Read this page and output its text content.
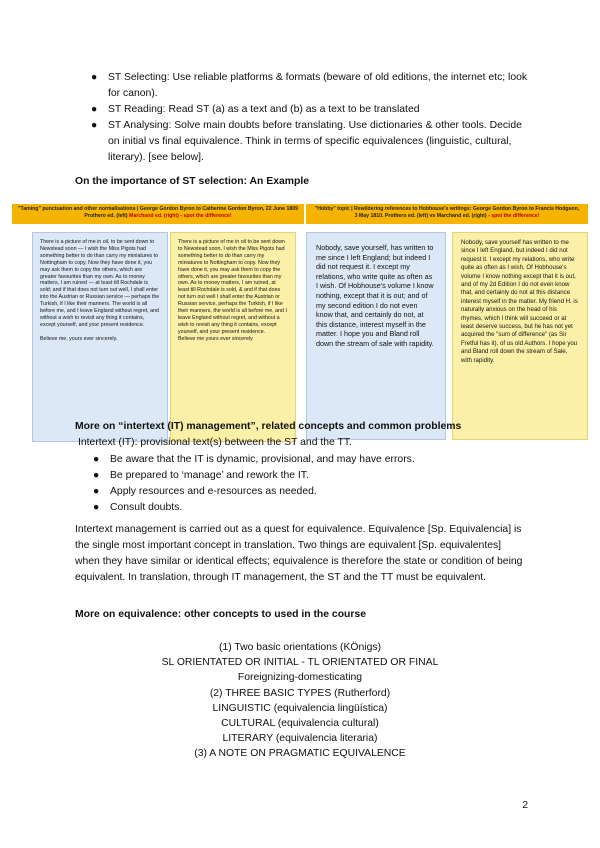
● ST Selecting: Use reliable platforms & formats (beware of old editions, the internet etc; look for canon).
● ST Reading: Read ST (a) as a text and (b) as a text to be translated
● ST Analysing: Solve main doubts before translating. Use dictionaries & other tools. Decide on initial vs final equivalence. Think in terms of specific equivalences (linguistic, cultural, literary). [see below].
On the importance of ST selection: An Example
"Taming" punctuation and other normalisations | George Gordon Byron to Catherine Gordon Byron, 22 June 1809
Prothero ed. (left) Marchand ed. (right) - spot the difference!
There is a picture of me in oil, to be sent down to Newstead soon — I wish the Miss Pigots had something better to do than carry my miniatures to Nottingham to copy. Now they have done it, you may ask them to copy the others, which are greater favourites than my own. As to money matters, I am ruined — at least till Rochdale is sold; and if that does not turn out well, I shall enter into the Austrian or Russian service — perhaps the Turkish, if I like their manners. The world is all before me, and I leave England without regret, and without a wish to revisit any thing it contains, except yourself, and your present residence.

Believe me, yours ever sincerely.
There is a picture of me in oil to be sent down to Newstead soon, I wish the Miss Pigots had something better to do than carry my miniatures to Nottingham to copy. Now they have done it, you may ask them to copy the others, which are greater favourites than my own. As to money matters, I am ruined, at least till Rochdale is sold, & and if that does not turn out well I shall enter the Austrian or Russian service, perhaps the Turkish, if I like their manners, the world is all before me, and I leave England without regret, and without a wish to revisit any thing it contains, except yourself, and your present residence.
Believe me yours ever sincerely
"Hobby" topic | Rewildering references to Hobhouse's writings: George Gordon Byron to Francis Hodgson,
3 May 1810. Prothero ed. (left) vs Marchand ed. (right) - spot the difference!
Nobody, save yourself, has written to me since I left England; but indeed I did not request it. I except my relations, who write quite as often as I wish. Of Hobhouse's volume I know nothing, except that it is out; and of my second edition I do not even know that, and certainly do not, at this distance, interest myself in the matter. I hope you and Bland roll down the stream of sale with rapidity.
Nobody, save yourself has written to me since I left England, but indeed I did not request it. I except my relations, who write quite as often as I wish. Of Hobhouse's volume I know nothing except that it is out, and of my 2d Edition I do not even know that, and certainly do not at this distance interest myself in the matter. My friend H. is naturally anxious on the head of his rhymes, which I think will succeed or at least deserve success, but he has not yet acquired the "sum of difference" (as Sir Fretful has it), of us old Authors. I hope you and Bland roll down the stream of Sale, with rapidity.
More on “intertext (IT) management”, related concepts and common problems
Intertext (IT): provisional text(s) between the ST and the TT.
● Be aware that the IT is dynamic, provisional, and may have errors.
● Be prepared to ‘manage’ and rework the IT.
● Apply resources and e-resources as needed.
● Consult doubts.
Intertext management is carried out as a quest for equivalence. Equivalence [Sp. Equivalencia] is the single most important concept in translation. Two things are equivalent [Sp. equivalentes] when they have similar or identical effects; equivalence is therefore the state or condition of being equivalent. In translation, through IT management, the ST and the TT must be equivalent.
More on equivalence: other concepts to used in the course
(1) Two basic orientations (KÖnigs)
SL ORIENTATED OR INITIAL - TL ORIENTATED OR FINAL
Foreignizing-domesticating
(2) THREE BASIC TYPES (Rutherford)
LINGUISTIC (equivalencia lingüística)
CULTURAL (equivalencia cultural)
LITERARY (equivalencia literaria)
(3) A NOTE ON PRAGMATIC EQUIVALENCE
2
